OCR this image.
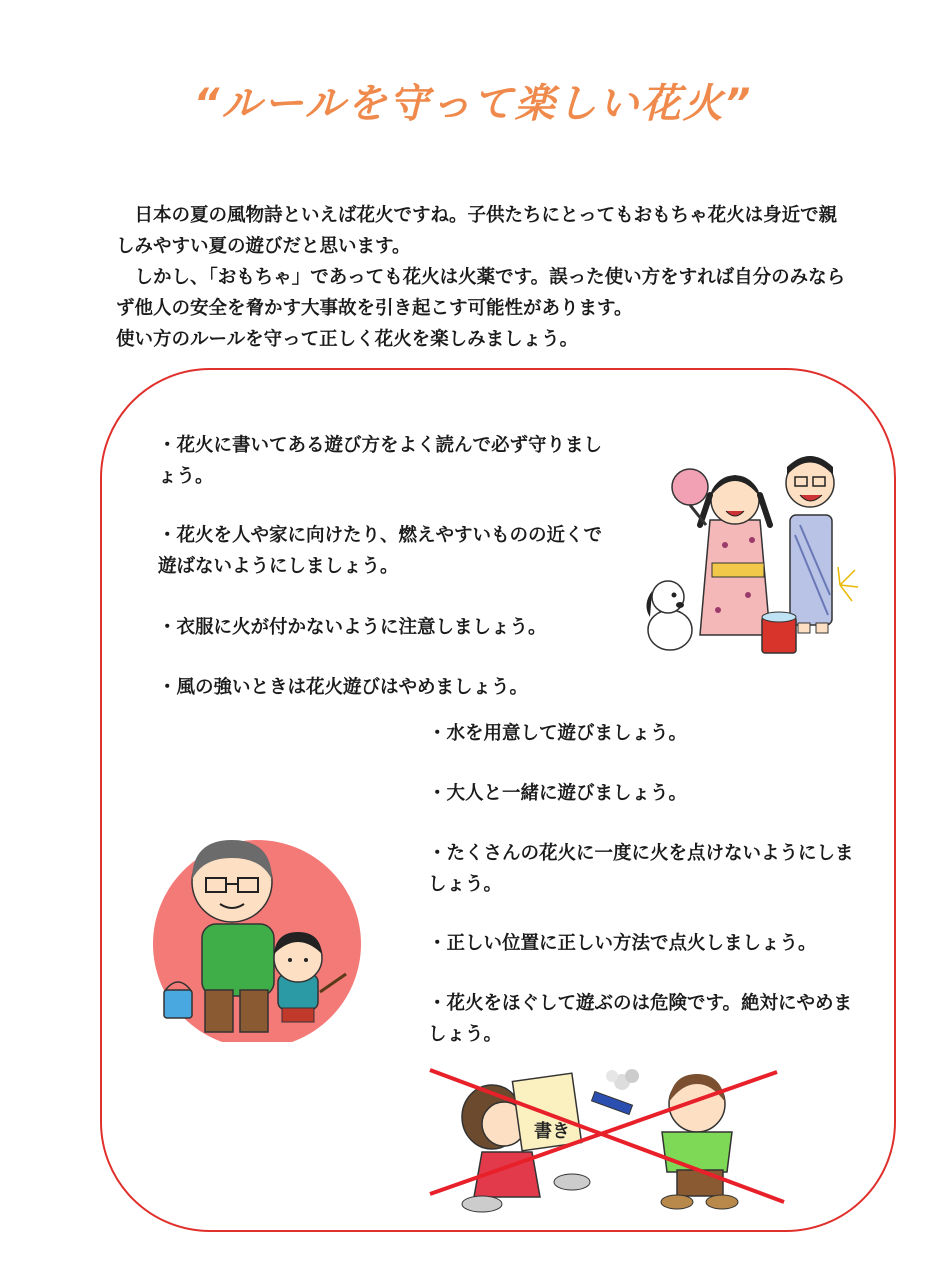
“ルールを守って楽しい花火”

　日本の夏の風物詩といえば花火ですね。子供たちにとってもおもちゃ花火は身近で親しみやすい夏の遊びだと思います。

　しかし、「おもちゃ」であっても花火は火薬です。誤った使い方をすれば自分のみならず他人の安全を脅かす大事故を引き起こす可能性があります。

使い方のルールを守って正しく花火を楽しみましょう。

・花火に書いてある遊び方をよく読んで必ず守りましょう。
・花火を人や家に向けたり、燃えやすいものの近くで遊ばないようにしましょう。
・衣服に火が付かないように注意しましょう。
・風の強いときは花火遊びはやめましょう。
・水を用意して遊びましょう。
・大人と一緒に遊びましょう。
・たくさんの花火に一度に火を点けないようにしましょう。
・正しい位置に正しい方法で点火しましょう。
・花火をほぐして遊ぶのは危険です。絶対にやめましょう。
書き
